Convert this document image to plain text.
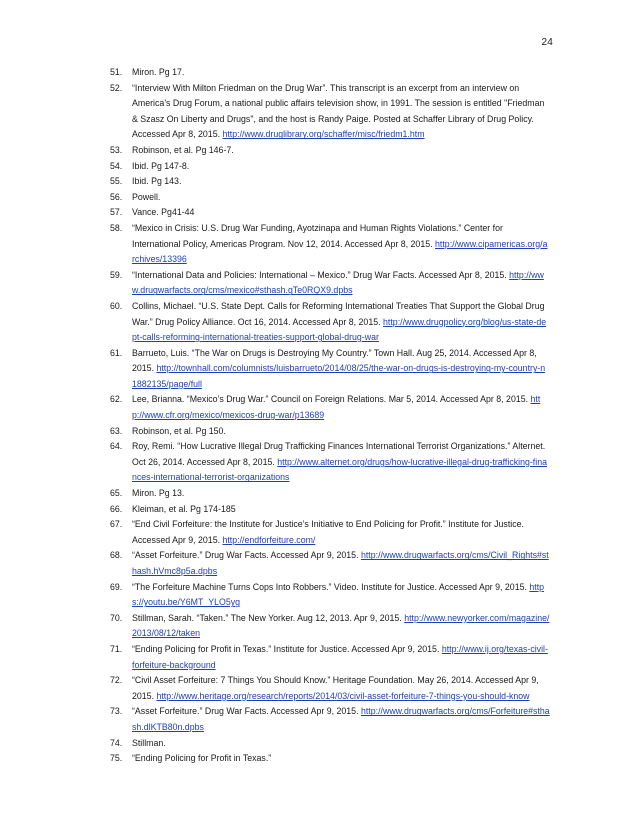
24
51. Miron. Pg 17.
52. “Interview With Milton Friedman on the Drug War”. This transcript is an excerpt from an interview on America’s Drug Forum, a national public affairs television show, in 1991. The session is entitled "Friedman & Szasz On Liberty and Drugs", and the host is Randy Paige. Posted at Schaffer Library of Drug Policy. Accessed Apr 8, 2015. http://www.druglibrary.org/schaffer/misc/friedm1.htm
53. Robinson, et al. Pg 146-7.
54. Ibid. Pg 147-8.
55. Ibid. Pg 143.
56. Powell.
57. Vance. Pg41-44
58. “Mexico in Crisis: U.S. Drug War Funding, Ayotzinapa and Human Rights Violations.” Center for International Policy, Americas Program. Nov 12, 2014. Accessed Apr 8, 2015. http://www.cipamericas.org/archives/13396
59. “International Data and Policies: International – Mexico.” Drug War Facts. Accessed Apr 8, 2015. http://www.drugwarfacts.org/cms/mexico#sthash.gTe0RQX9.dpbs
60. Collins, Michael. “U.S. State Dept. Calls for Reforming International Treaties That Support the Global Drug War.” Drug Policy Alliance. Oct 16, 2014. Accessed Apr 8, 2015. http://www.drugpolicy.org/blog/us-state-dept-calls-reforming-international-treaties-support-global-drug-war
61. Barrueto, Luis. “The War on Drugs is Destroying My Country.” Town Hall. Aug 25, 2014. Accessed Apr 8, 2015. http://townhall.com/columnists/luisbarrueto/2014/08/25/the-war-on-drugs-is-destroying-my-country-n1882135/page/full
62. Lee, Brianna. “Mexico’s Drug War.” Council on Foreign Relations. Mar 5, 2014. Accessed Apr 8, 2015. http://www.cfr.org/mexico/mexicos-drug-war/p13689
63. Robinson, et al. Pg 150.
64. Roy, Remi. “How Lucrative Illegal Drug Trafficking Finances International Terrorist Organizations.” Alternet. Oct 26, 2014. Accessed Apr 8, 2015. http://www.alternet.org/drugs/how-lucrative-illegal-drug-trafficking-finances-international-terrorist-organizations
65. Miron. Pg 13.
66. Kleiman, et al. Pg 174-185
67. “End Civil Forfeiture: the Institute for Justice’s Initiative to End Policing for Profit.” Institute for Justice. Accessed Apr 9, 2015. http://endforfeiture.com/
68. “Asset Forfeiture.” Drug War Facts. Accessed Apr 9, 2015. http://www.drugwarfacts.org/cms/Civil_Rights#sthash.hVmc8p5a.dpbs
69. “The Forfeiture Machine Turns Cops Into Robbers.” Video. Institute for Justice. Accessed Apr 9, 2015. https://youtu.be/Y6MT_YLO5yg
70. Stillman, Sarah. “Taken.” The New Yorker. Aug 12, 2013. Apr 9, 2015. http://www.newyorker.com/magazine/2013/08/12/taken
71. “Ending Policing for Profit in Texas.” Institute for Justice. Accessed Apr 9, 2015. http://www.ij.org/texas-civil-forfeiture-background
72. “Civil Asset Forfeiture: 7 Things You Should Know.” Heritage Foundation. May 26, 2014. Accessed Apr 9, 2015. http://www.heritage.org/research/reports/2014/03/civil-asset-forfeiture-7-things-you-should-know
73. “Asset Forfeiture.” Drug War Facts. Accessed Apr 9, 2015. http://www.drugwarfacts.org/cms/Forfeiture#sthash.dlKTB80n.dpbs
74. Stillman.
75. “Ending Policing for Profit in Texas.”
